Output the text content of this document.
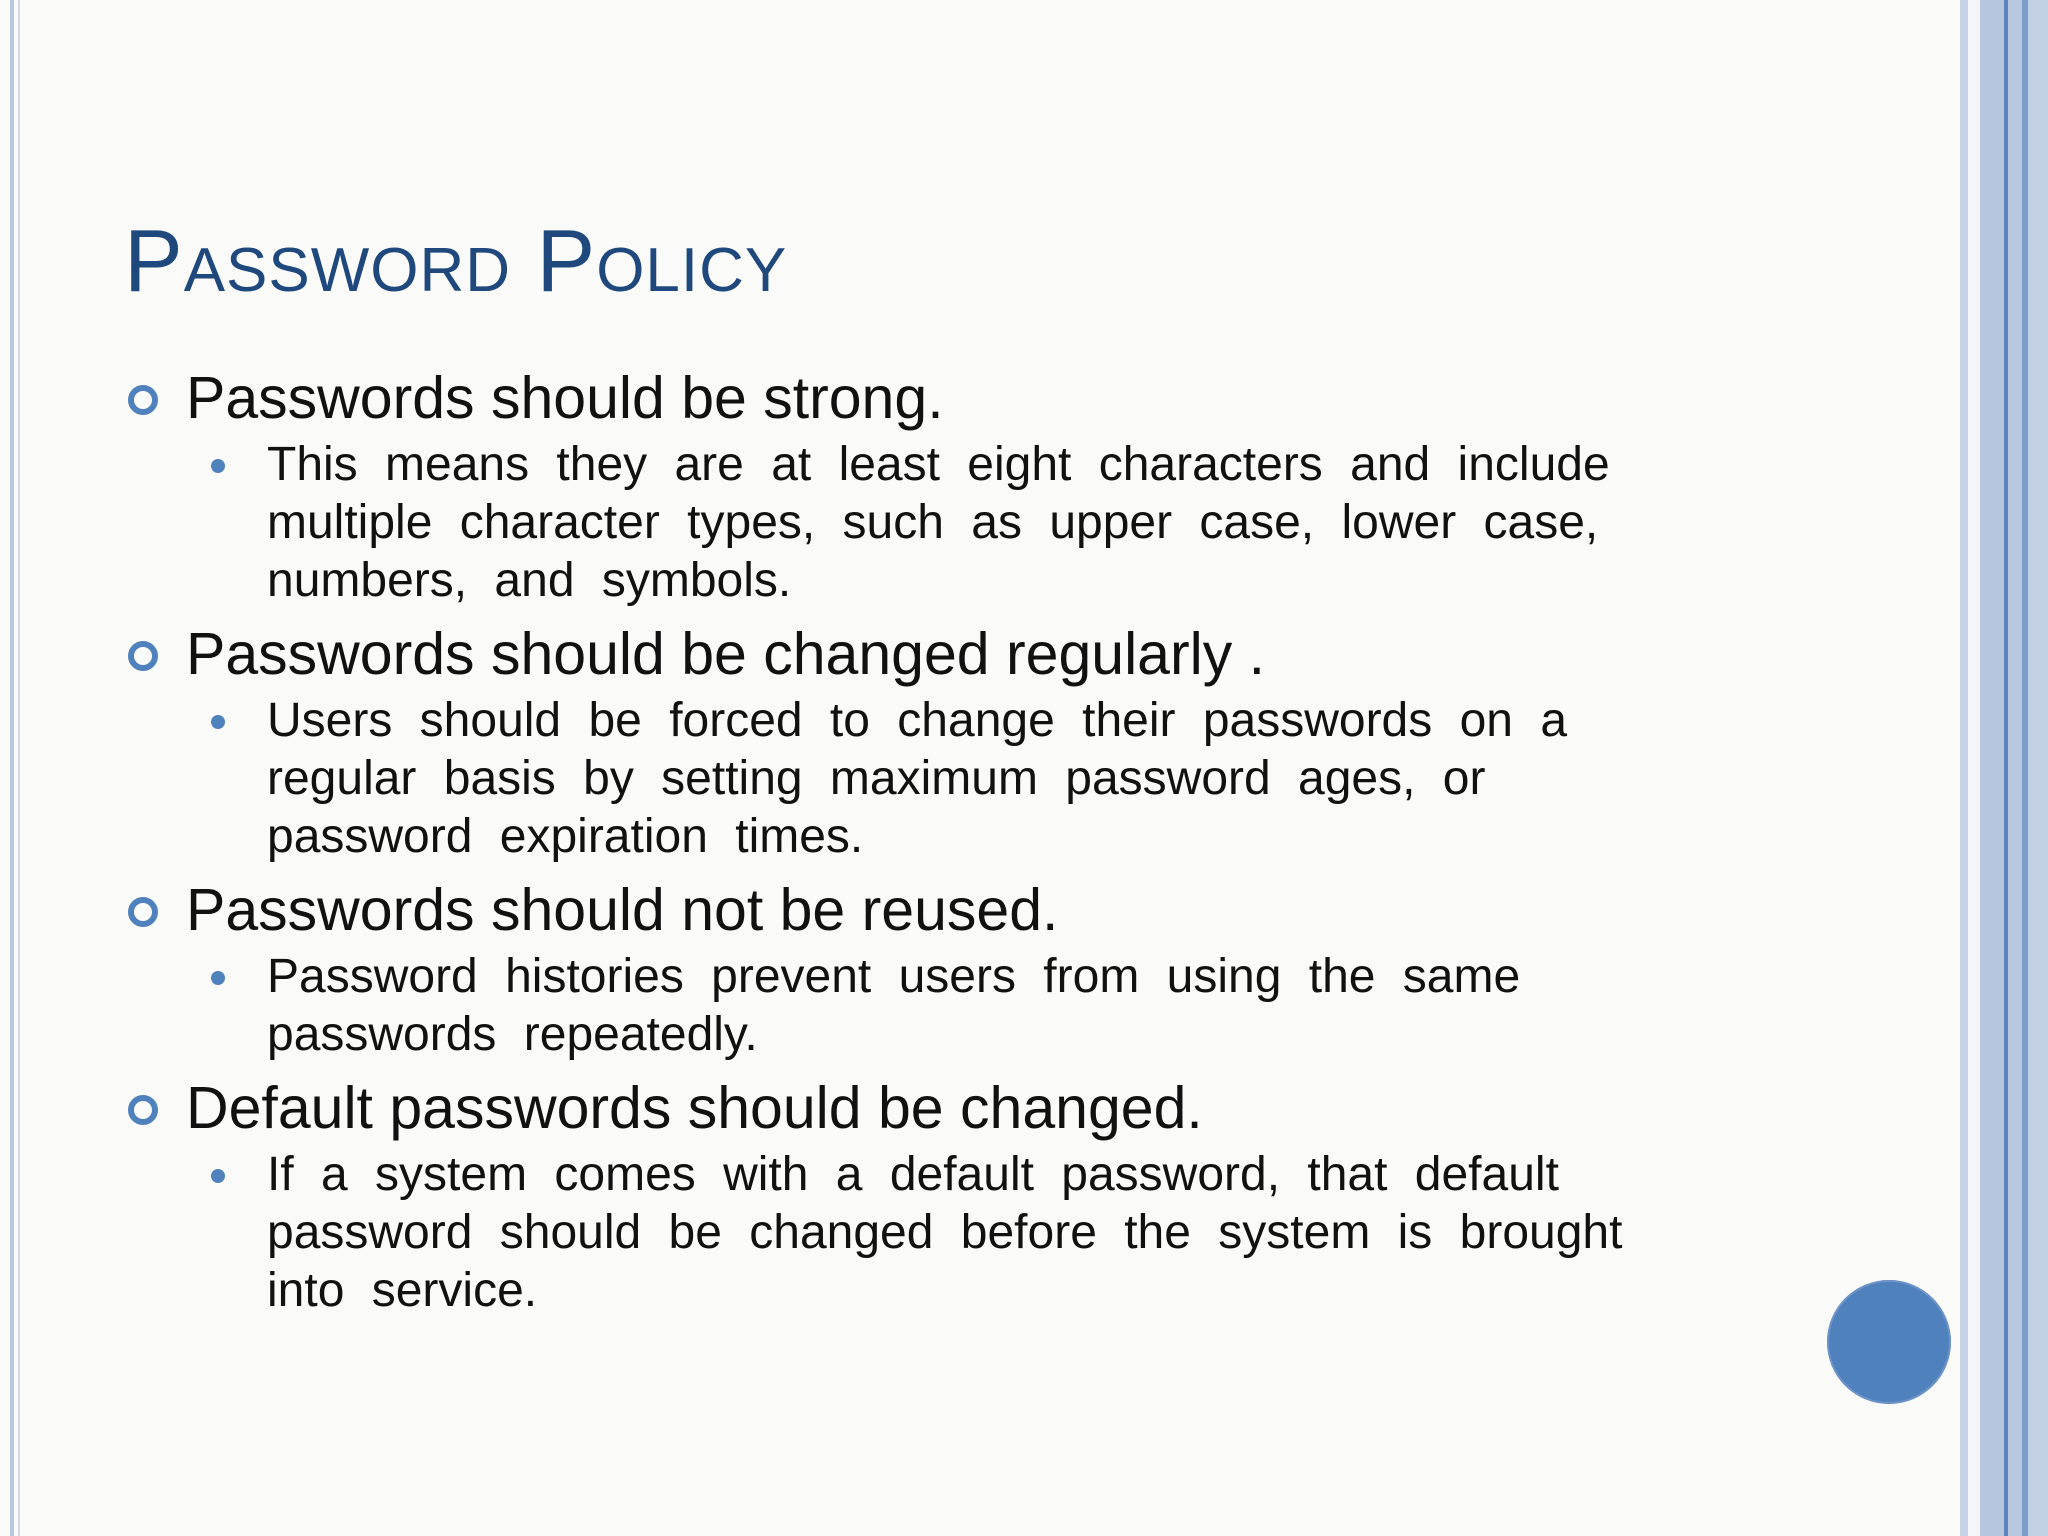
Password Policy
Passwords should be strong.
This means they are at least eight characters and include multiple character types, such as upper case, lower case, numbers, and symbols.
Passwords should be changed regularly .
Users should be forced to change their passwords on a regular basis by setting maximum password ages, or password expiration times.
Passwords should not be reused.
Password histories prevent users from using the same passwords repeatedly.
Default passwords should be changed.
If a system comes with a default password, that default password should be changed before the system is brought into service.
